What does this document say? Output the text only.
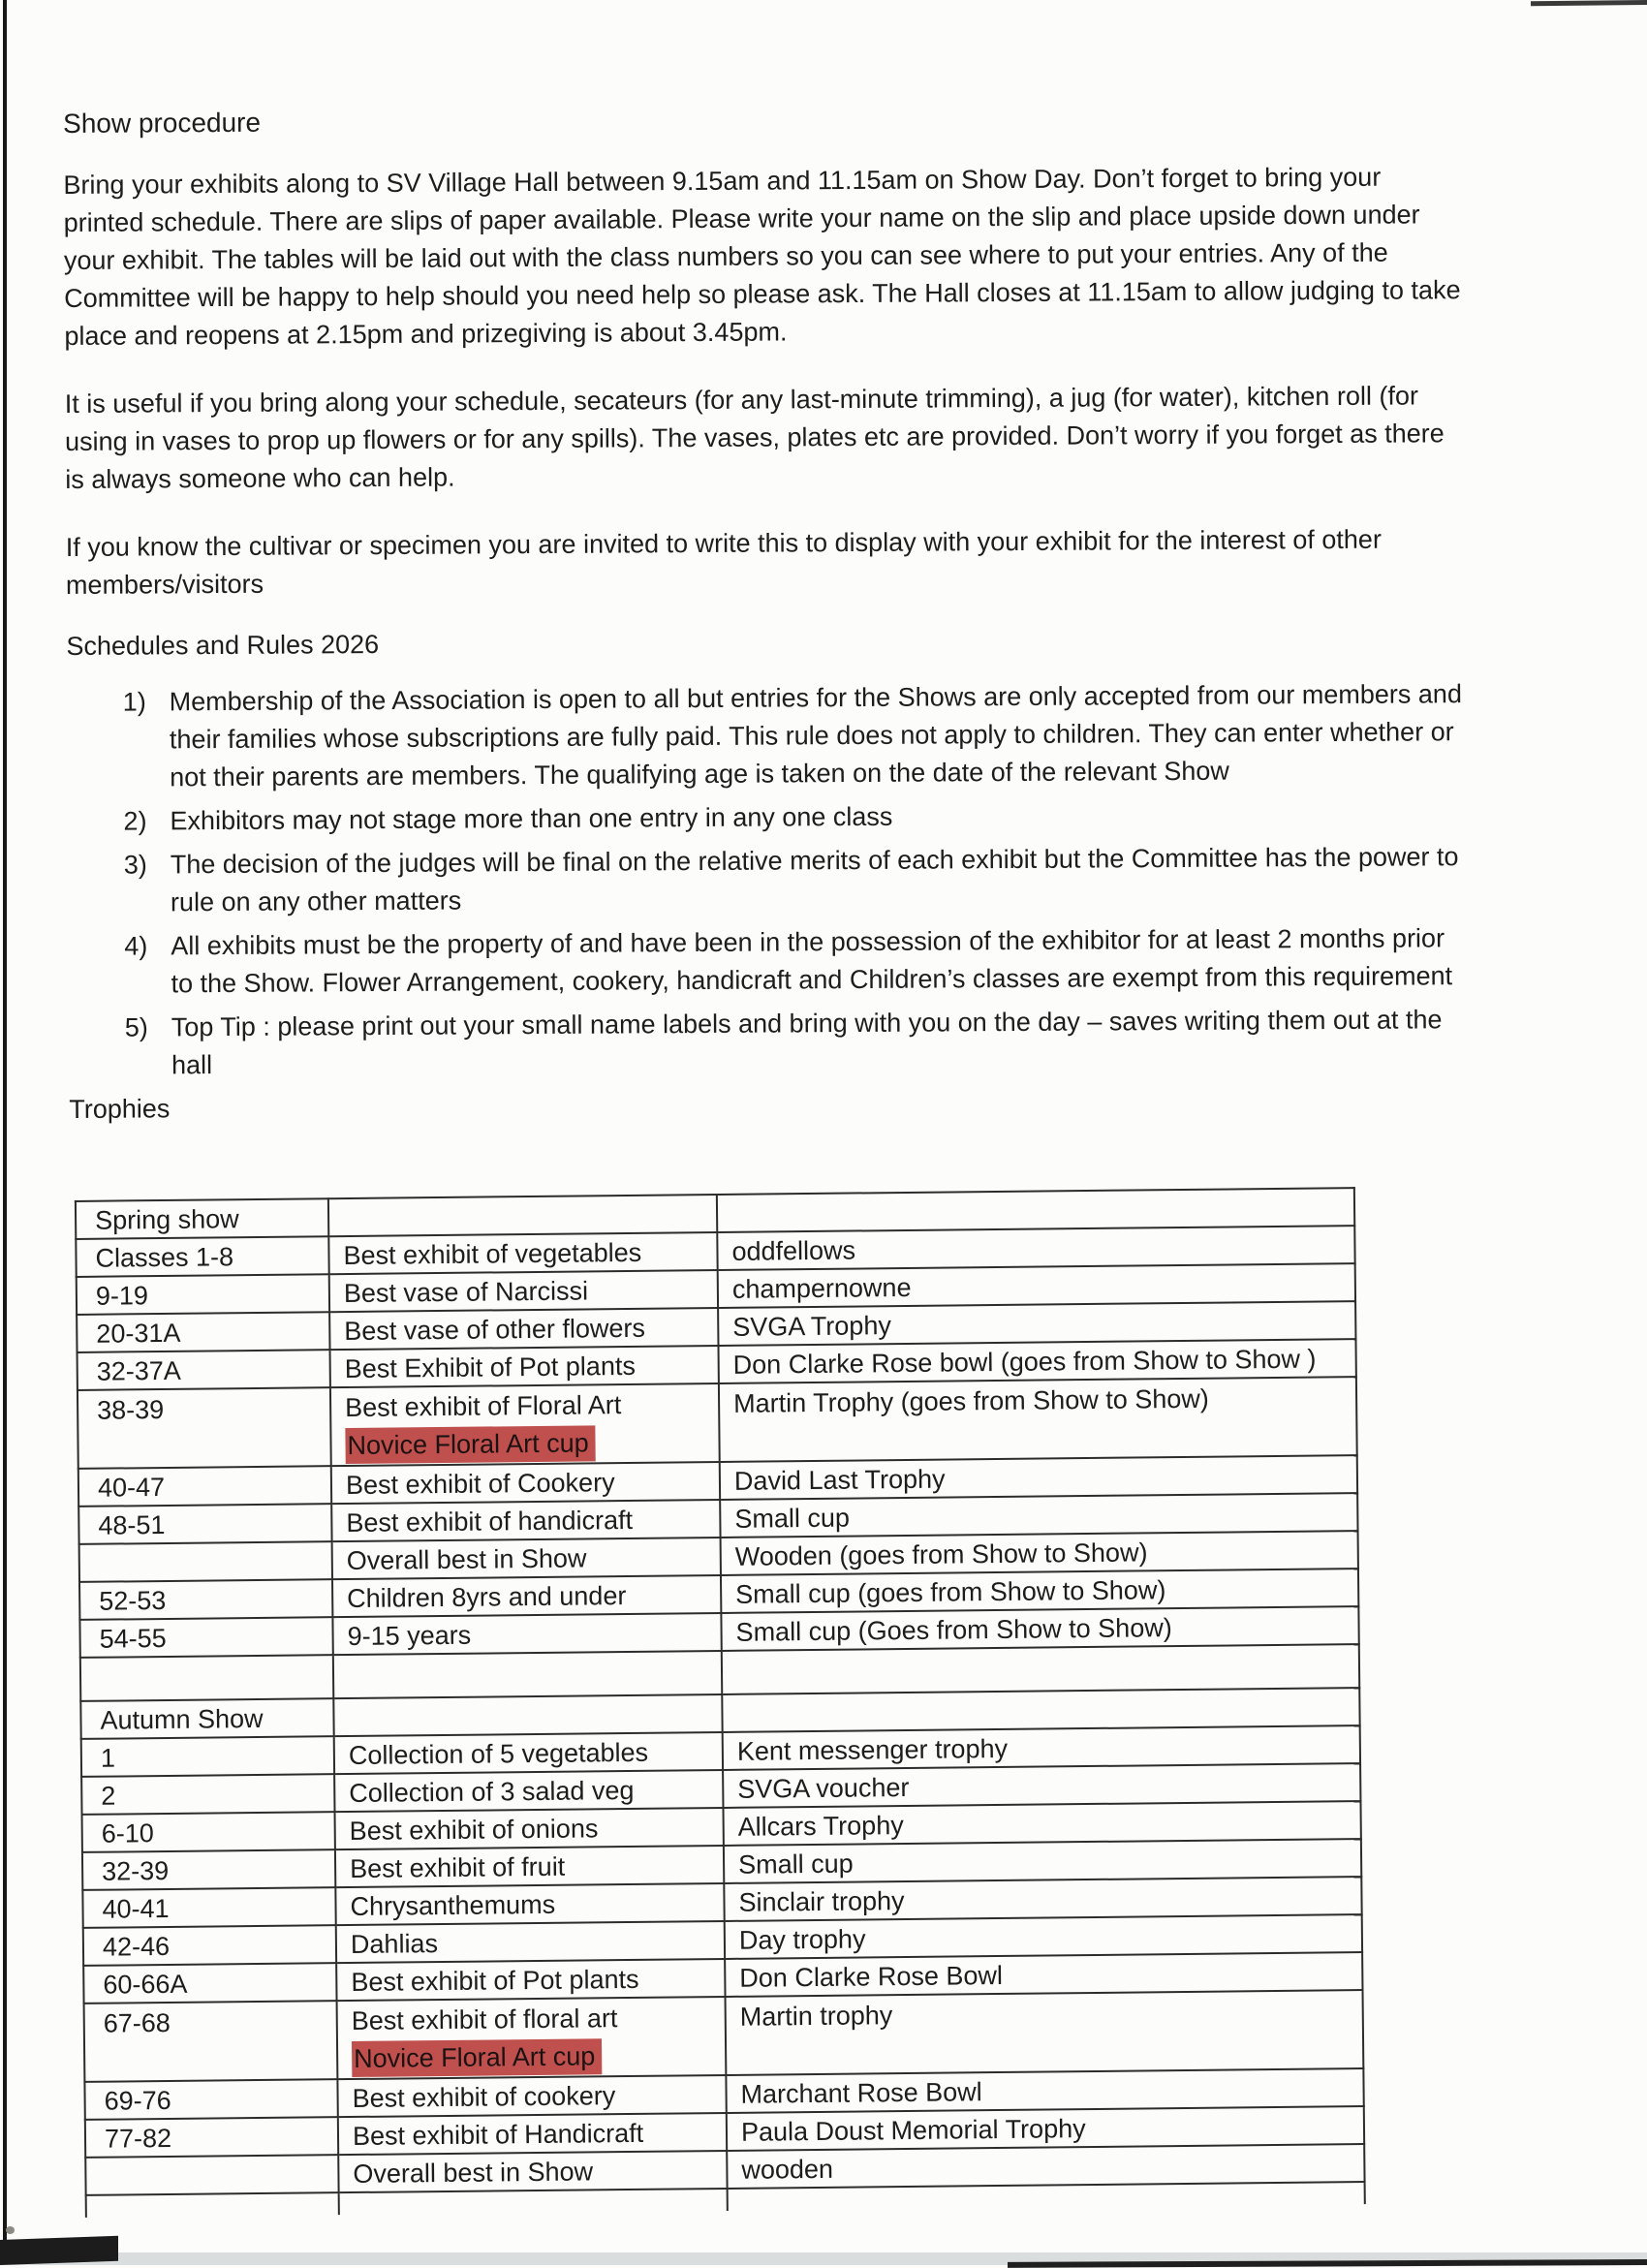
Show procedure
Bring your exhibits along to SV Village Hall between 9.15am and 11.15am on Show Day. Don’t forget to bring your
printed schedule. There are slips of paper available. Please write your name on the slip and place upside down under
your exhibit. The tables will be laid out with the class numbers so you can see where to put your entries. Any of the
Committee will be happy to help should you need help so please ask. The Hall closes at 11.15am to allow judging to take
place and reopens at 2.15pm and prizegiving is about 3.45pm.
It is useful if you bring along your schedule, secateurs (for any last-minute trimming), a jug (for water), kitchen roll (for
using in vases to prop up flowers or for any spills). The vases, plates etc are provided. Don’t worry if you forget as there
is always someone who can help.
If you know the cultivar or specimen you are invited to write this to display with your exhibit for the interest of other
members/visitors
Schedules and Rules 2026
1) Membership of the Association is open to all but entries for the Shows are only accepted from our members and
their families whose subscriptions are fully paid. This rule does not apply to children. They can enter whether or
not their parents are members. The qualifying age is taken on the date of the relevant Show
2) Exhibitors may not stage more than one entry in any one class
3) The decision of the judges will be final on the relative merits of each exhibit but the Committee has the power to
rule on any other matters
4) All exhibits must be the property of and have been in the possession of the exhibitor for at least 2 months prior
to the Show. Flower Arrangement, cookery, handicraft and Children’s classes are exempt from this requirement
5) Top Tip : please print out your small name labels and bring with you on the day – saves writing them out at the
hall
Trophies
Spring show		
Classes 1-8	Best exhibit of vegetables	oddfellows
9-19	Best vase of Narcissi	champernowne
20-31A	Best vase of other flowers	SVGA Trophy
32-37A	Best Exhibit of Pot plants	Don Clarke Rose bowl (goes from Show to Show )
38-39	Best exhibit of Floral Art
Novice Floral Art cup	Martin Trophy (goes from Show to Show)
40-47	Best exhibit of Cookery	David Last Trophy
48-51	Best exhibit of handicraft	Small cup
	Overall best in Show	Wooden (goes from Show to Show)
52-53	Children 8yrs and under	Small cup (goes from Show to Show)
54-55	9-15 years	Small cup (Goes from Show to Show)

Autumn Show		
1	Collection of 5 vegetables	Kent messenger trophy
2	Collection of 3 salad veg	SVGA voucher
6-10	Best exhibit of onions	Allcars Trophy
32-39	Best exhibit of fruit	Small cup
40-41	Chrysanthemums	Sinclair trophy
42-46	Dahlias	Day trophy
60-66A	Best exhibit of Pot plants	Don Clarke Rose Bowl
67-68	Best exhibit of floral art
Novice Floral Art cup	Martin trophy
69-76	Best exhibit of cookery	Marchant Rose Bowl
77-82	Best exhibit of Handicraft	Paula Doust Memorial Trophy
	Overall best in Show	wooden
